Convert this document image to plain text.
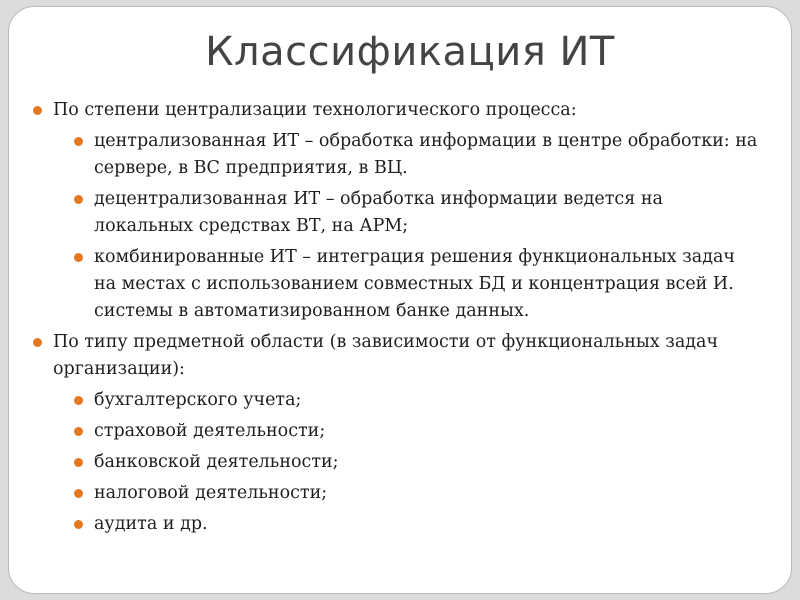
Классификация ИТ
По степени централизации технологического процесса:
централизованная ИТ – обработка информации в центре обработки: на сервере, в ВС предприятия, в ВЦ.
децентрализованная ИТ – обработка информации ведется на локальных средствах ВТ, на АРМ;
комбинированные ИТ – интеграция решения функциональных задач на местах с использованием совместных БД и концентрация всей И. системы в автоматизированном банке данных.
По типу предметной области (в зависимости от функциональных задач организации):
бухгалтерского учета;
страховой деятельности;
банковской деятельности;
налоговой деятельности;
аудита и др.
